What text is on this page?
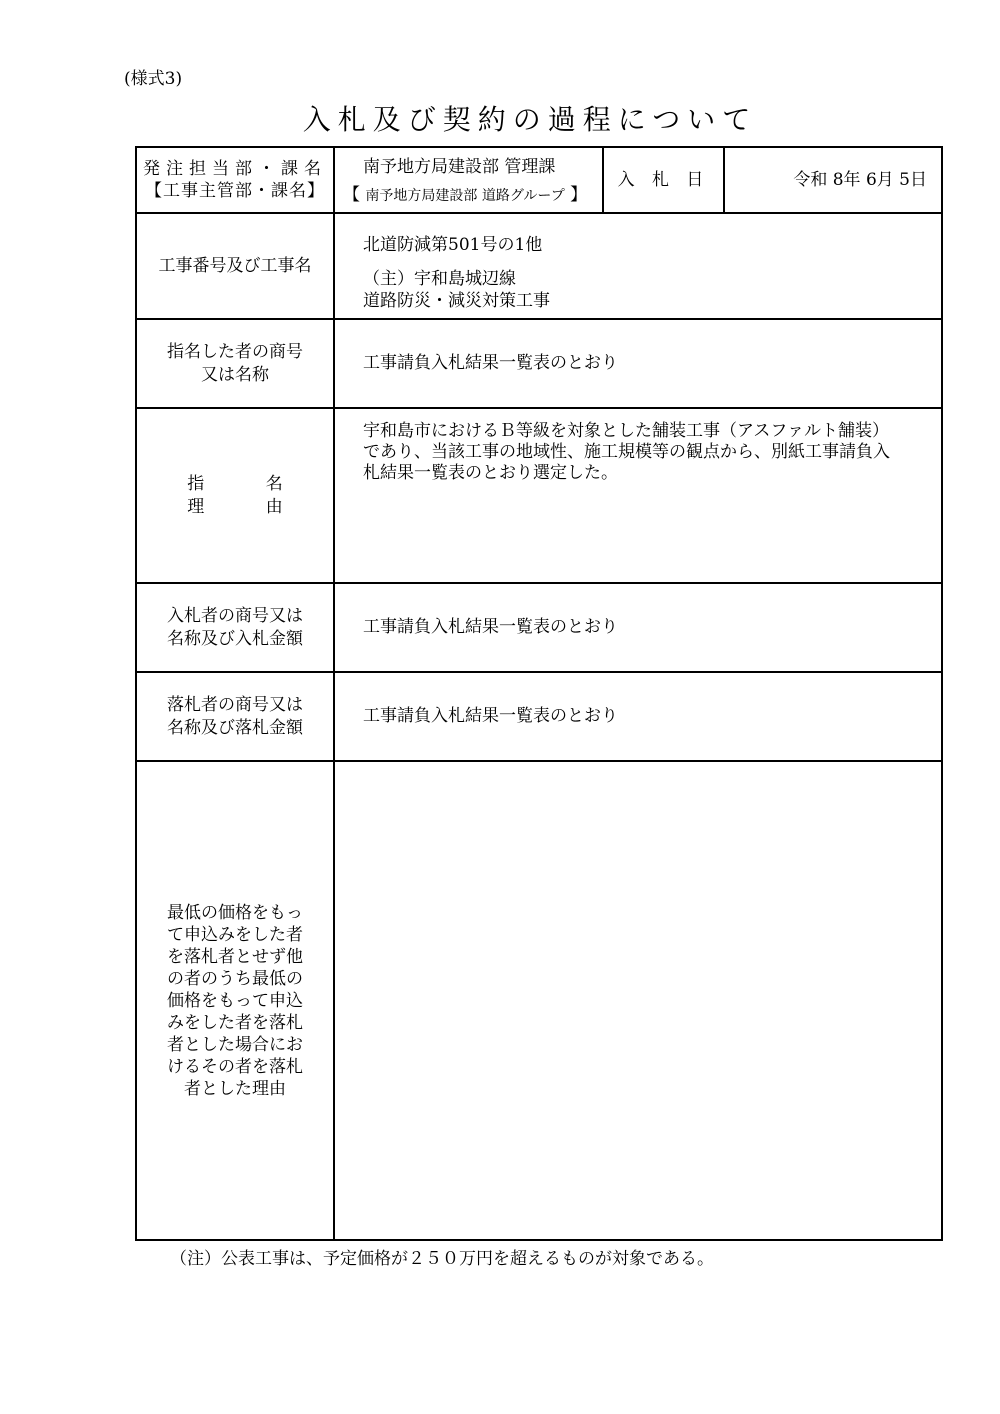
(様式3)
入札及び契約の過程について
発注担当部・課名
【工事主管部・課名】
南予地方局建設部 管理課
【 南予地方局建設部 道路グループ 】
入 札 日	令和 8年 6月 5日
工事番号及び工事名
北道防減第501号の1他
（主）宇和島城辺線
道路防災・減災対策工事
指名した者の商号
又は名称
工事請負入札結果一覧表のとおり
指 名 理 由
宇和島市におけるＢ等級を対象とした舗装工事（アスファルト舗装）
であり、当該工事の地域性、施工規模等の観点から、別紙工事請負入
札結果一覧表のとおり選定した。
入札者の商号又は
名称及び入札金額
工事請負入札結果一覧表のとおり
落札者の商号又は
名称及び落札金額
工事請負入札結果一覧表のとおり
最低の価格をもっ
て申込みをした者
を落札者とせず他
の者のうち最低の
価格をもって申込
みをした者を落札
者とした場合にお
けるその者を落札
者とした理由
（注）公表工事は、予定価格が２５０万円を超えるものが対象である。
